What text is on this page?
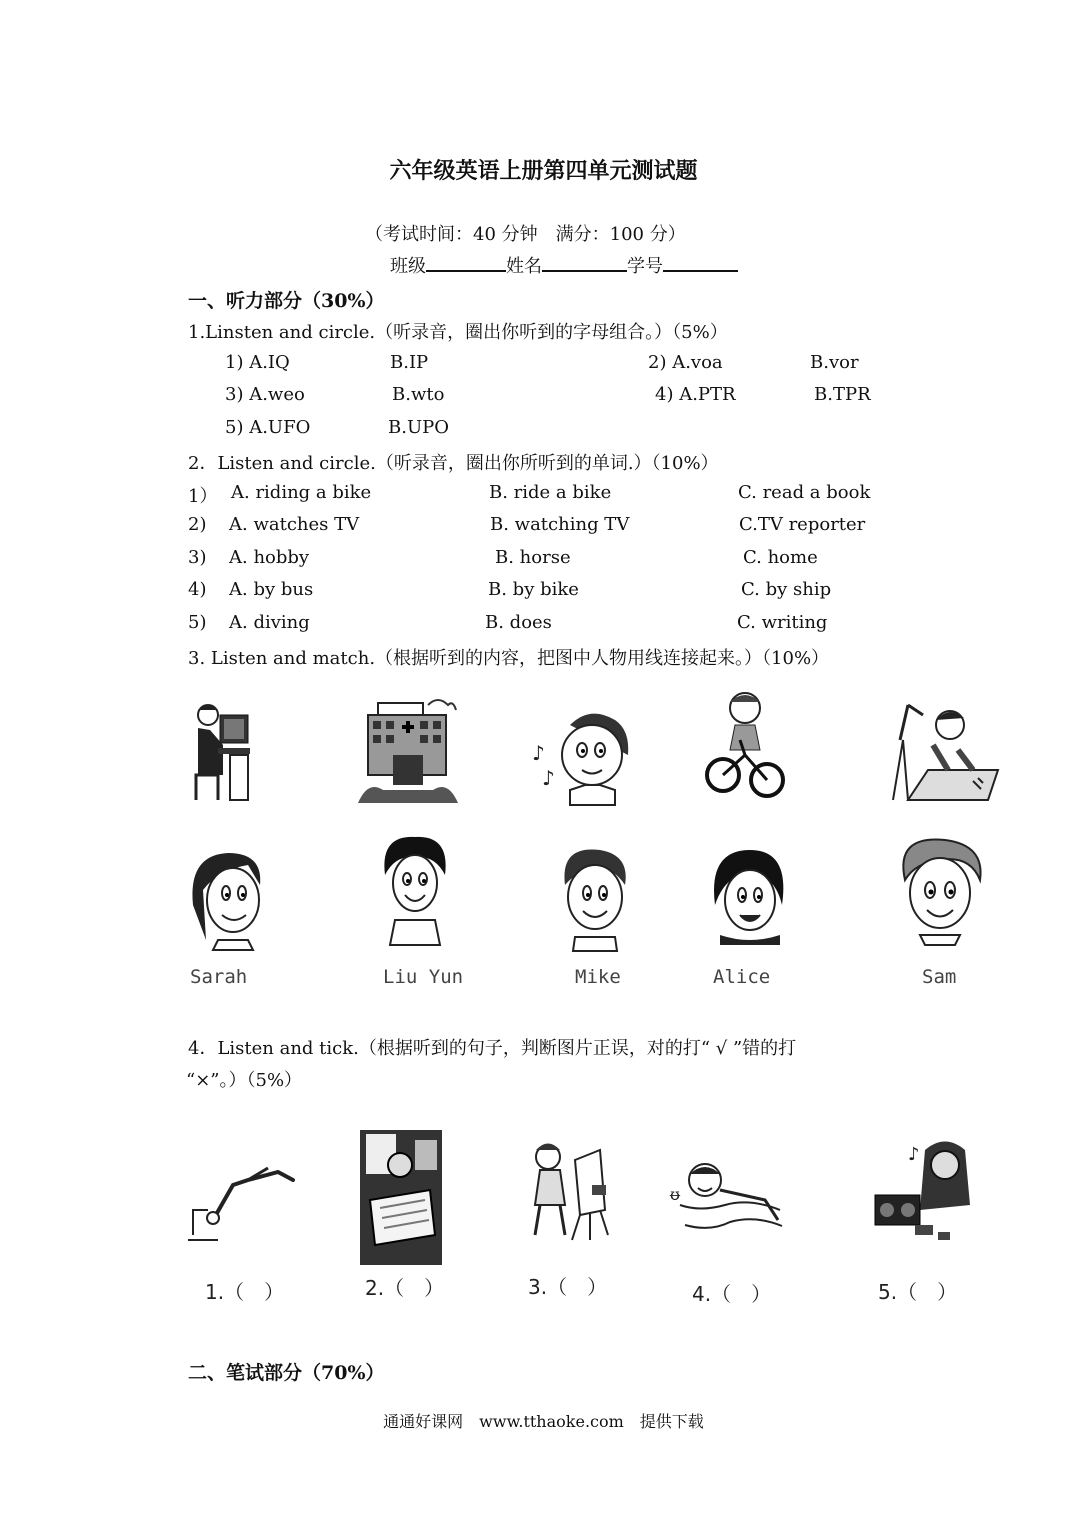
六年级英语上册第四单元测试题
（考试时间：40 分钟　满分：100 分）
班级	姓名	学号
一、听力部分（30%）
1.Linsten and circle.（听录音，圈出你听到的字母组合。）（5%）
1) A.IQ	B.IP	2) A.voa	B.vor
3) A.weo	B.wto	4) A.PTR	B.TPR
5) A.UFO	B.UPO
2．Listen and circle.（听录音，圈出你所听到的单词.）（10%）
1） A. riding a bike	B. ride a bike	C. read a book
2) A. watches TV	B. watching TV	C.TV reporter
3) A. hobby	B. horse	C. home
4) A. by bus	B. by bike	C. by ship
5) A. diving	B. does	C. writing
3. Listen and match.（根据听到的内容，把图中人物用线连接起来。）（10%）
♪
♪
Sarah	Liu Yun	Mike	Alice	Sam
4．Listen and tick.（根据听到的句子，判断图片正误，对的打“ √ ”错的打
“×”。）（5%）
ᵿ
♪
1.（　）	2.（　）	3.（　）	4.（　）	5.（　）
二、笔试部分（70%）
通通好课网　www.tthaoke.com　提供下载
